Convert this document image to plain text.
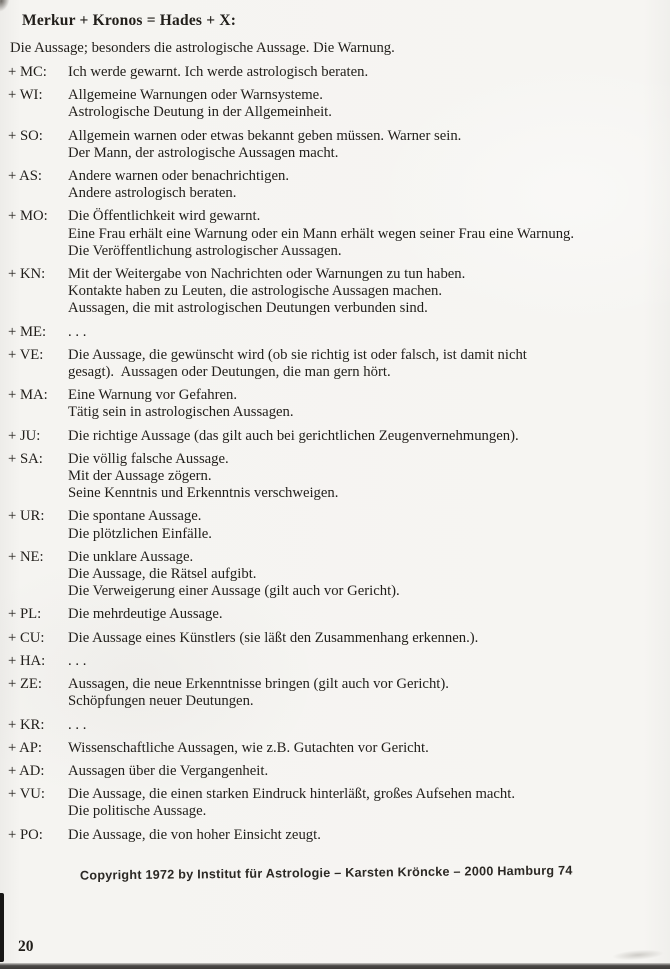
Merkur + Kronos = Hades + X:
Die Aussage; besonders die astrologische Aussage. Die Warnung.
+ MC:	Ich werde gewarnt. Ich werde astrologisch beraten.
+ WI:	Allgemeine Warnungen oder Warnsysteme.
Astrologische Deutung in der Allgemeinheit.
+ SO:	Allgemein warnen oder etwas bekannt geben müssen. Warner sein.
Der Mann, der astrologische Aussagen macht.
+ AS:	Andere warnen oder benachrichtigen.
Andere astrologisch beraten.
+ MO:	Die Öffentlichkeit wird gewarnt.
Eine Frau erhält eine Warnung oder ein Mann erhält wegen seiner Frau eine Warnung.
Die Veröffentlichung astrologischer Aussagen.
+ KN:	Mit der Weitergabe von Nachrichten oder Warnungen zu tun haben.
Kontakte haben zu Leuten, die astrologische Aussagen machen.
Aussagen, die mit astrologischen Deutungen verbunden sind.
+ ME:	. . .
+ VE:	Die Aussage, die gewünscht wird (ob sie richtig ist oder falsch, ist damit nicht
gesagt).  Aussagen oder Deutungen, die man gern hört.
+ MA:	Eine Warnung vor Gefahren.
Tätig sein in astrologischen Aussagen.
+ JU:	Die richtige Aussage (das gilt auch bei gerichtlichen Zeugenvernehmungen).
+ SA:	Die völlig falsche Aussage.
Mit der Aussage zögern.
Seine Kenntnis und Erkenntnis verschweigen.
+ UR:	Die spontane Aussage.
Die plötzlichen Einfälle.
+ NE:	Die unklare Aussage.
Die Aussage, die Rätsel aufgibt.
Die Verweigerung einer Aussage (gilt auch vor Gericht).
+ PL:	Die mehrdeutige Aussage.
+ CU:	Die Aussage eines Künstlers (sie läßt den Zusammenhang erkennen.).
+ HA:	. . .
+ ZE:	Aussagen, die neue Erkenntnisse bringen (gilt auch vor Gericht).
Schöpfungen neuer Deutungen.
+ KR:	. . .
+ AP:	Wissenschaftliche Aussagen, wie z.B. Gutachten vor Gericht.
+ AD:	Aussagen über die Vergangenheit.
+ VU:	Die Aussage, die einen starken Eindruck hinterläßt, großes Aufsehen macht.
Die politische Aussage.
+ PO:	Die Aussage, die von hoher Einsicht zeugt.
Copyright 1972 by Institut für Astrologie – Karsten Kröncke – 2000 Hamburg 74
20
